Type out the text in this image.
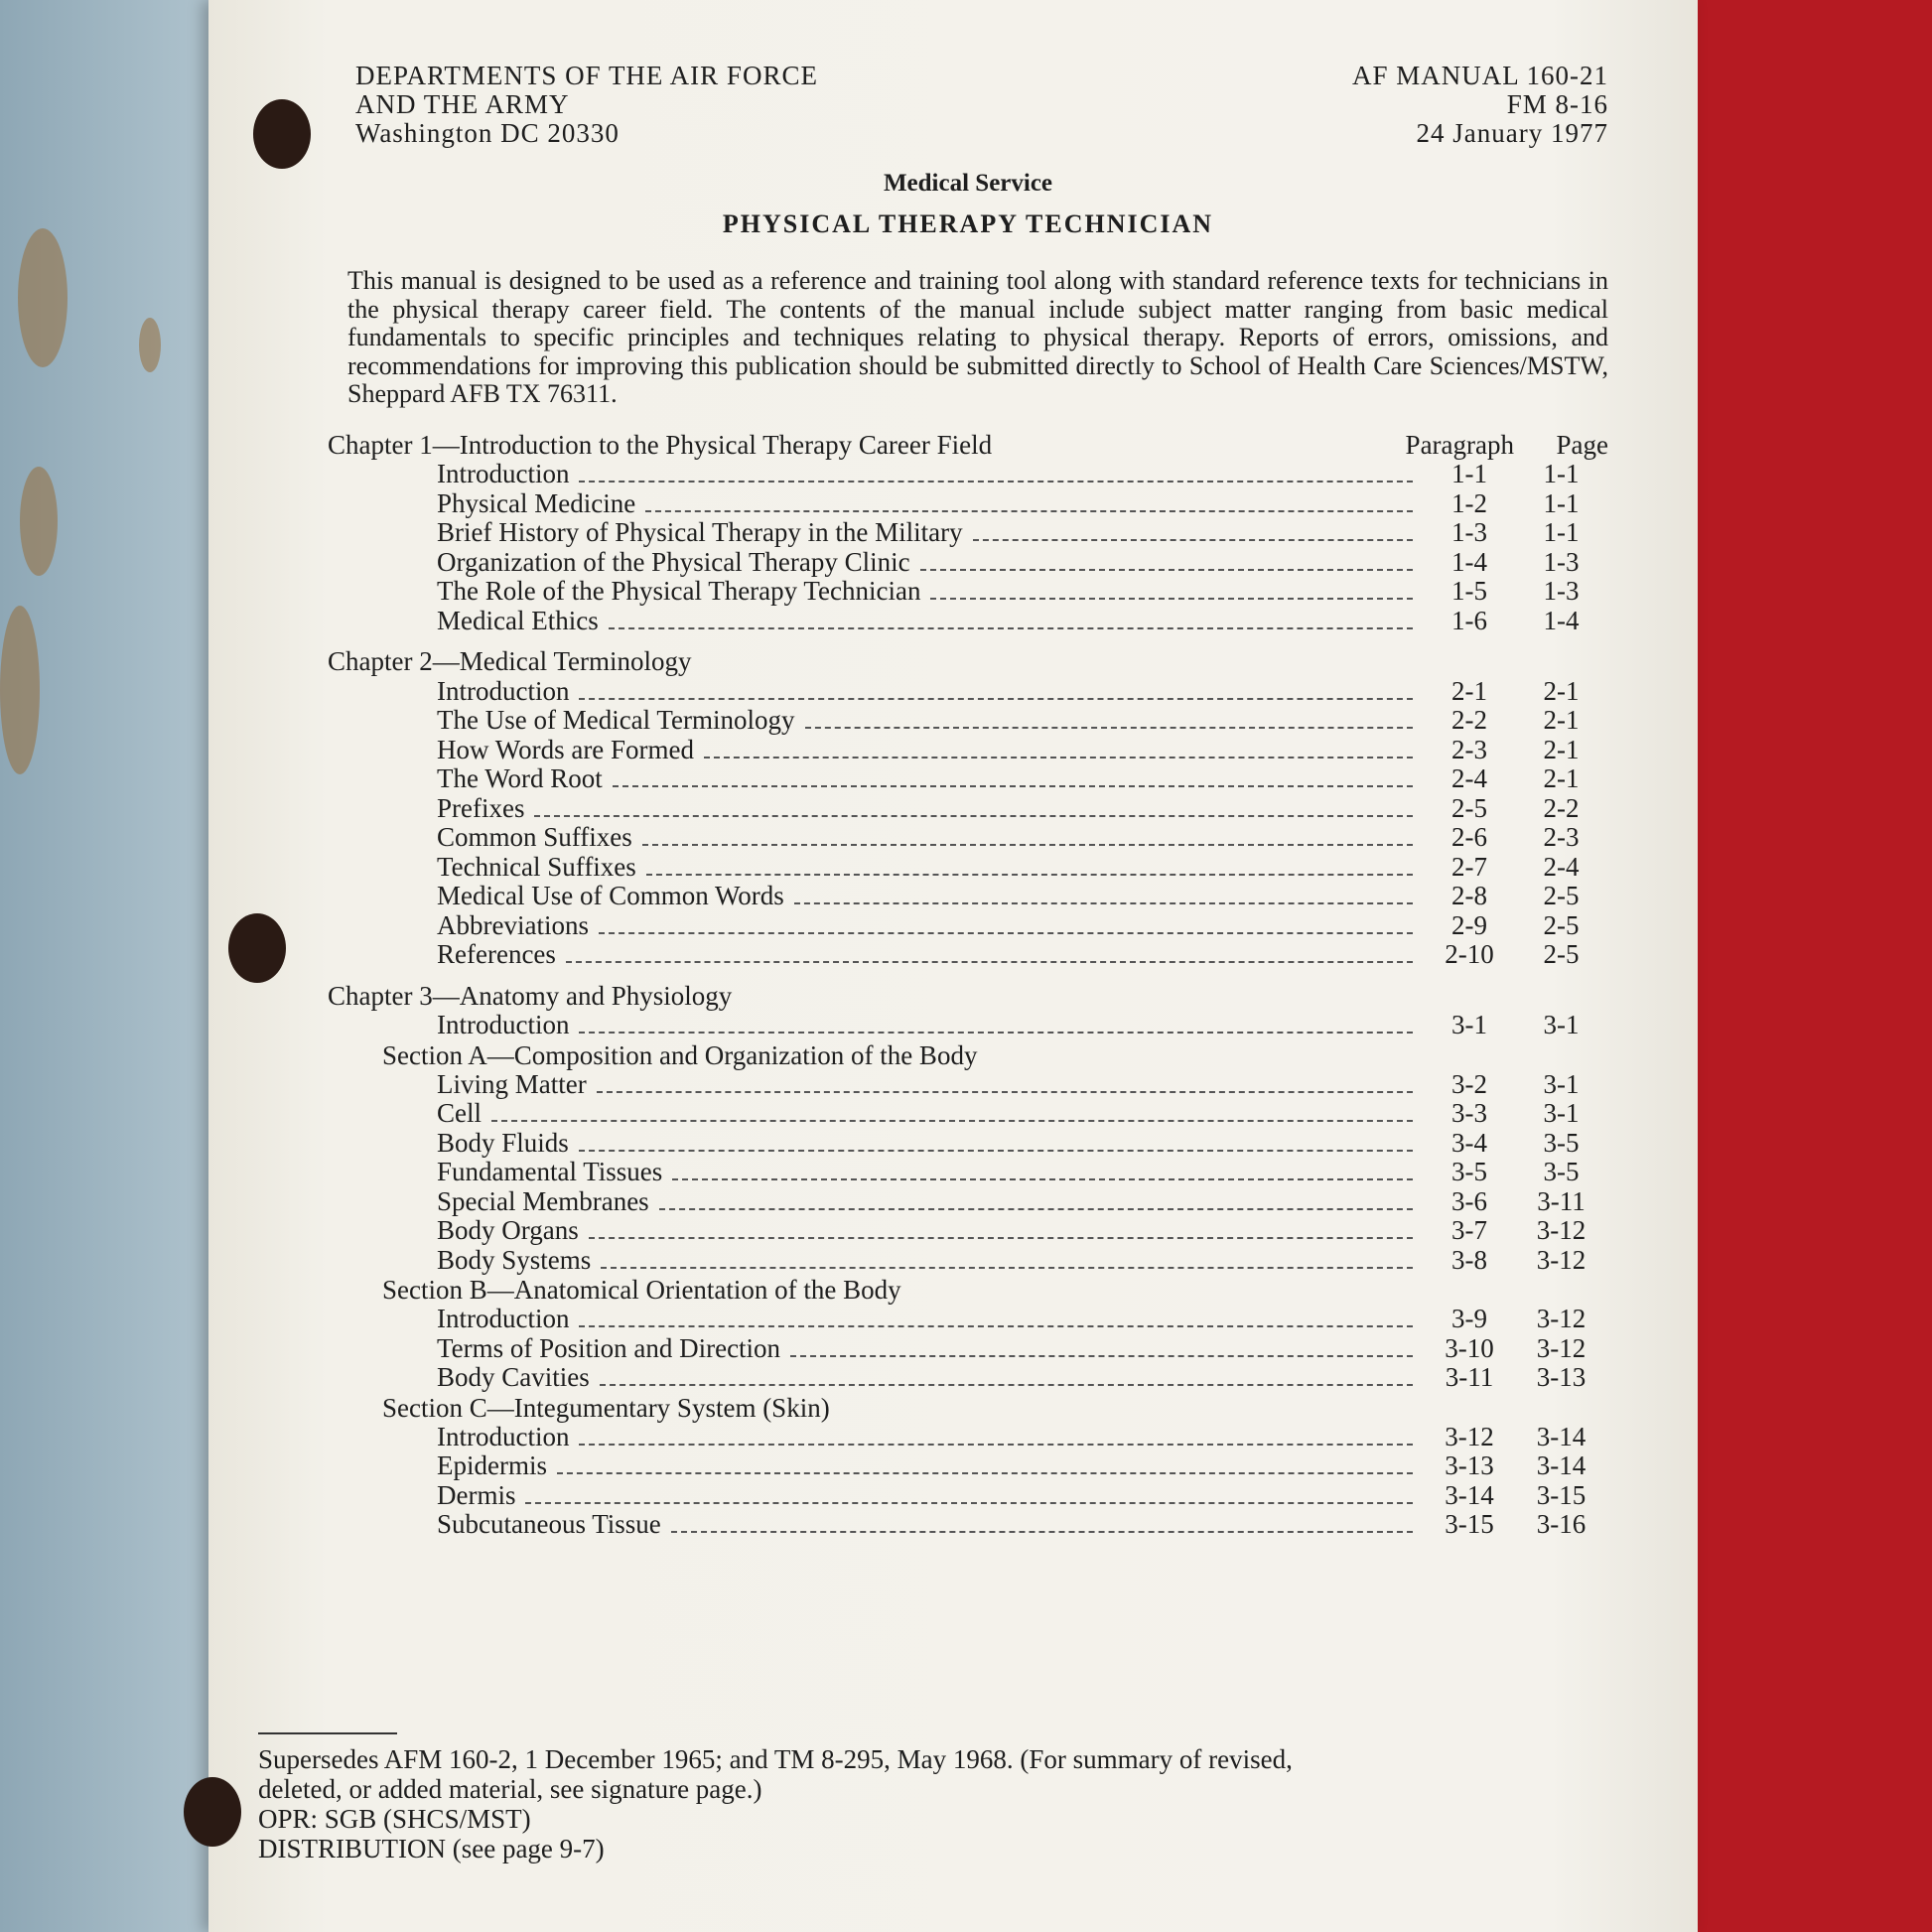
DEPARTMENTS OF THE AIR FORCE
AND THE ARMY
Washington DC 20330
AF MANUAL 160-21
FM 8-16
24 January 1977
Medical Service
PHYSICAL THERAPY TECHNICIAN
This manual is designed to be used as a reference and training tool along with standard reference texts for technicians in the physical therapy career field. The contents of the manual include subject matter ranging from basic medical fundamentals to specific principles and techniques relating to physical therapy. Reports of errors, omissions, and recommendations for improving this publication should be submitted directly to School of Health Care Sciences/MSTW, Sheppard AFB TX 76311.
Chapter 1—Introduction to the Physical Therapy Career Field	Paragraph	Page
Introduction	1-1	1-1
Physical Medicine	1-2	1-1
Brief History of Physical Therapy in the Military	1-3	1-1
Organization of the Physical Therapy Clinic	1-4	1-3
The Role of the Physical Therapy Technician	1-5	1-3
Medical Ethics	1-6	1-4
Chapter 2—Medical Terminology
Introduction	2-1	2-1
The Use of Medical Terminology	2-2	2-1
How Words are Formed	2-3	2-1
The Word Root	2-4	2-1
Prefixes	2-5	2-2
Common Suffixes	2-6	2-3
Technical Suffixes	2-7	2-4
Medical Use of Common Words	2-8	2-5
Abbreviations	2-9	2-5
References	2-10	2-5
Chapter 3—Anatomy and Physiology
Introduction	3-1	3-1
Section A—Composition and Organization of the Body
Living Matter	3-2	3-1
Cell	3-3	3-1
Body Fluids	3-4	3-5
Fundamental Tissues	3-5	3-5
Special Membranes	3-6	3-11
Body Organs	3-7	3-12
Body Systems	3-8	3-12
Section B—Anatomical Orientation of the Body
Introduction	3-9	3-12
Terms of Position and Direction	3-10	3-12
Body Cavities	3-11	3-13
Section C—Integumentary System (Skin)
Introduction	3-12	3-14
Epidermis	3-13	3-14
Dermis	3-14	3-15
Subcutaneous Tissue	3-15	3-16
Supersedes AFM 160-2, 1 December 1965; and TM 8-295, May 1968. (For summary of revised,
deleted, or added material, see signature page.)
OPR: SGB (SHCS/MST)
DISTRIBUTION (see page 9-7)
